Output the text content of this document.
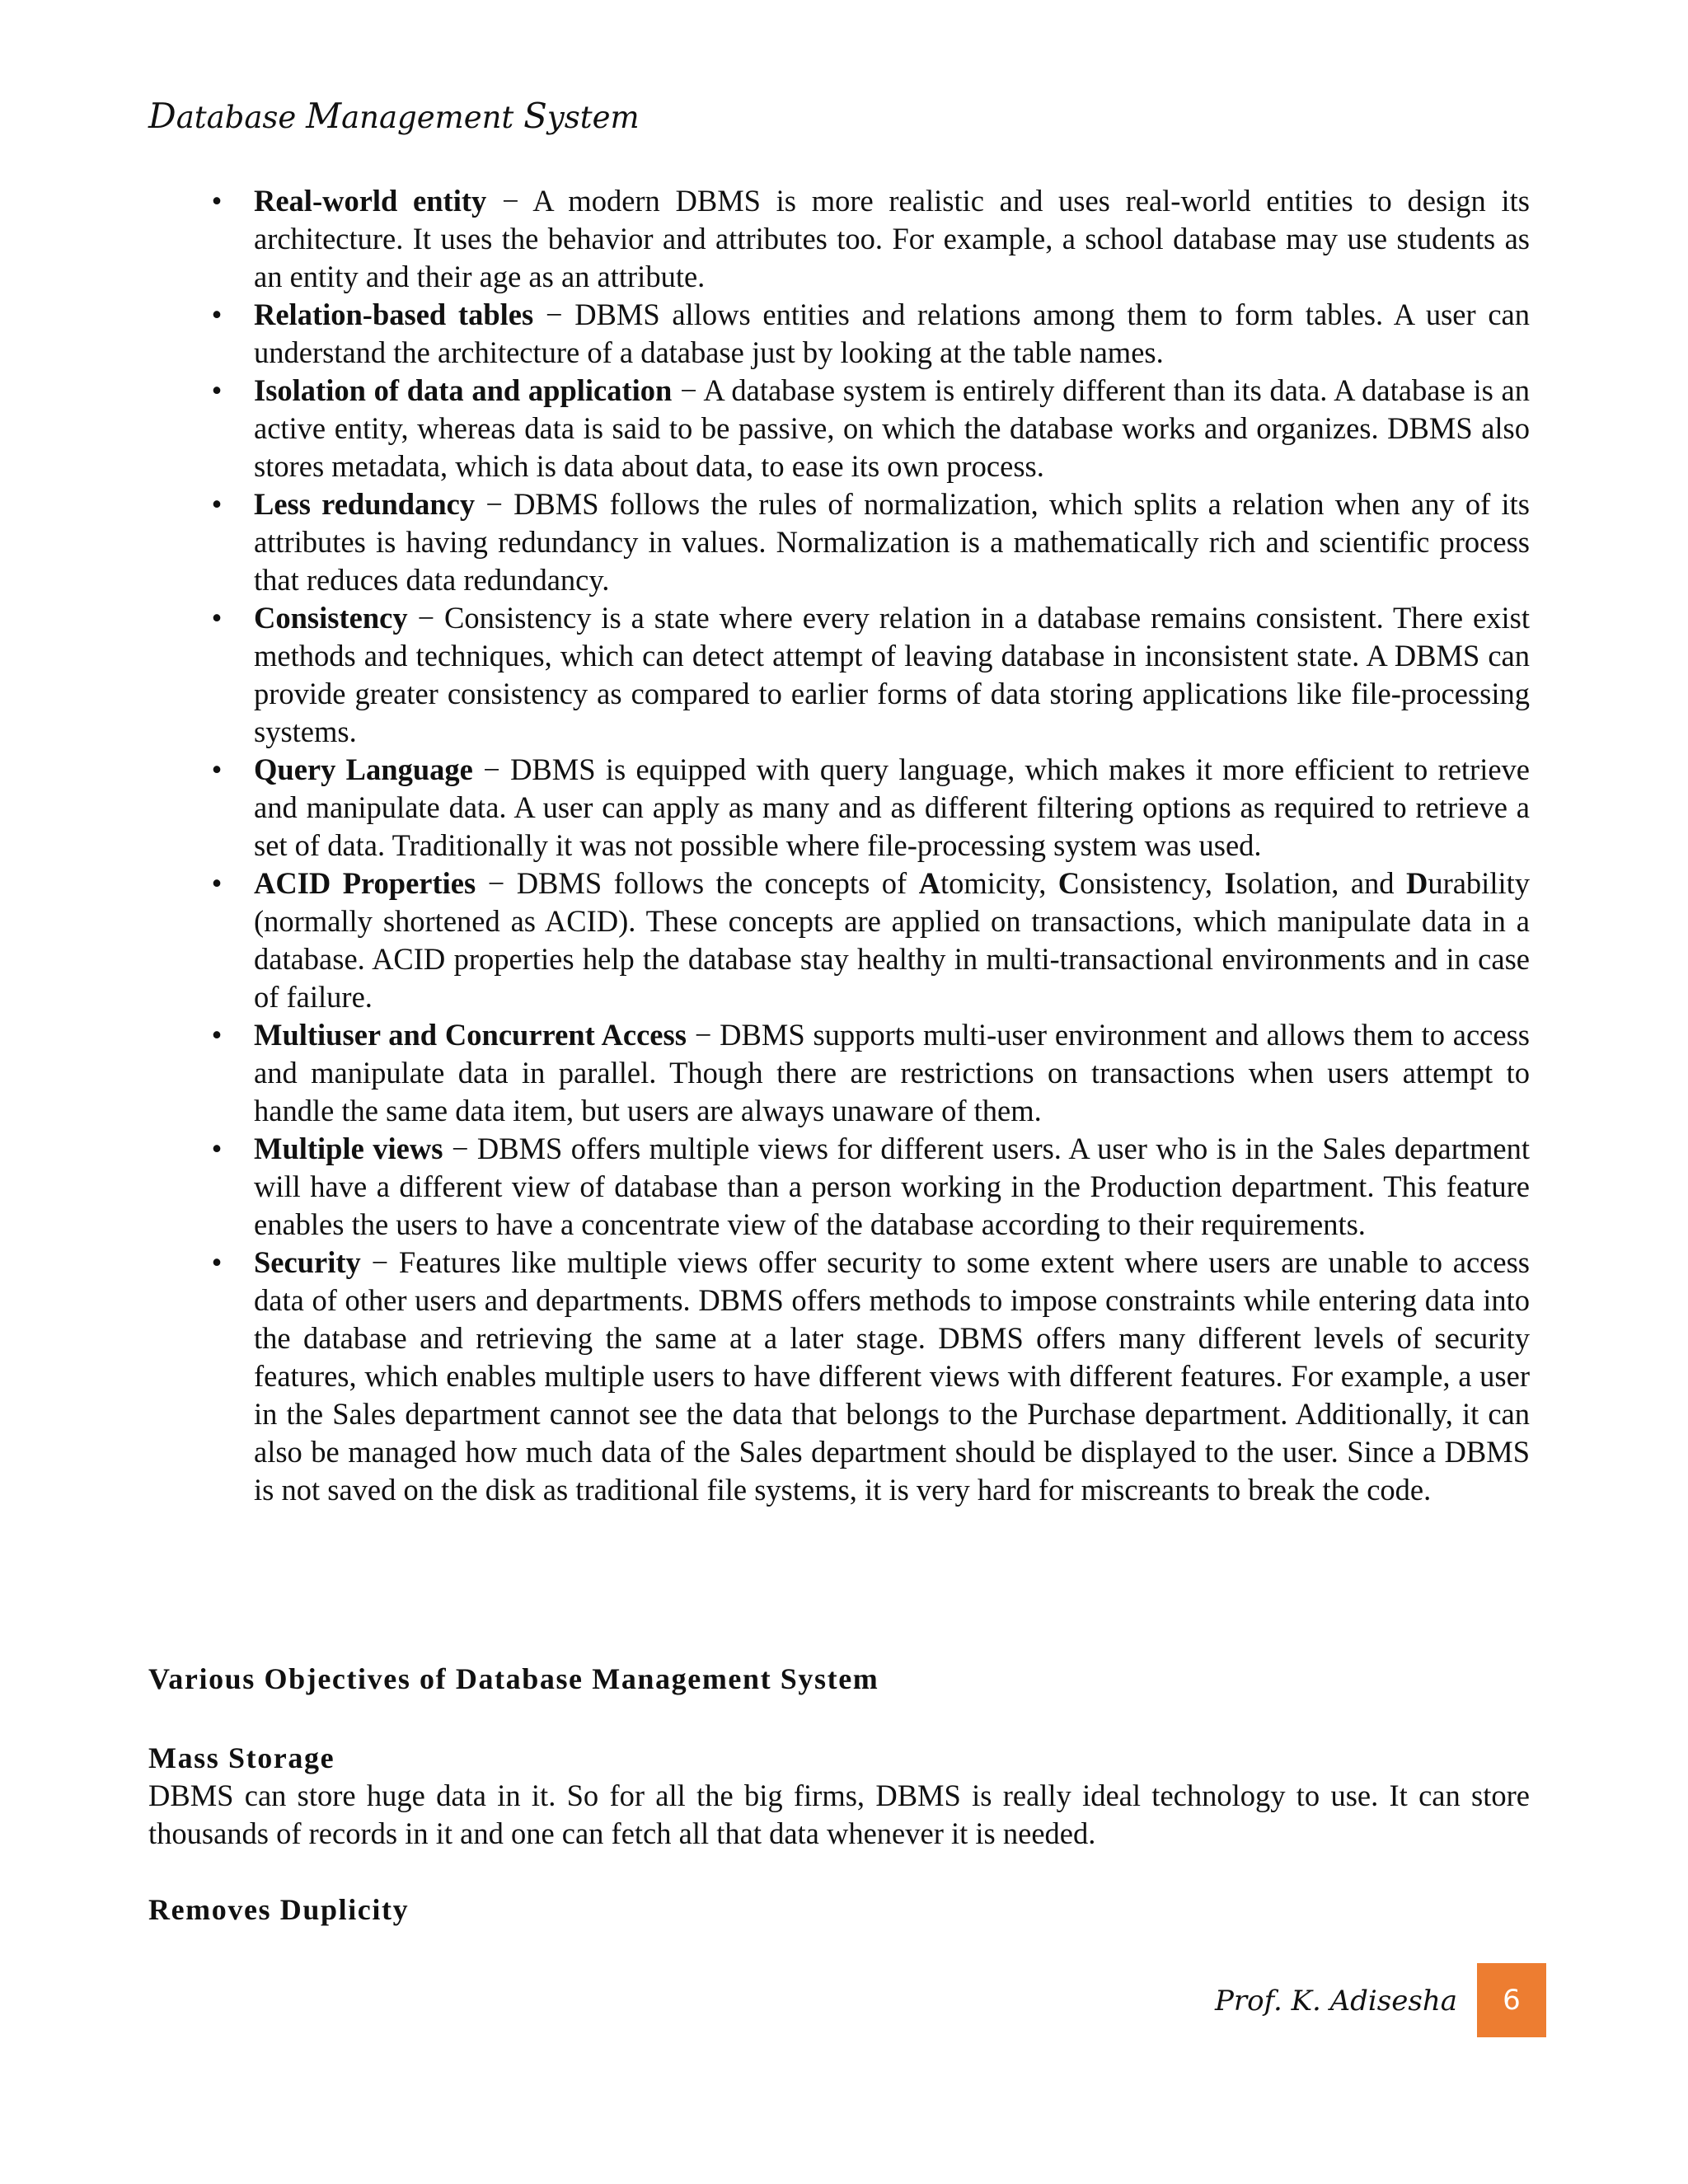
Database Management System
• Real-world entity − A modern DBMS is more realistic and uses real-world entities to design its architecture. It uses the behavior and attributes too. For example, a school database may use students as an entity and their age as an attribute.
• Relation-based tables − DBMS allows entities and relations among them to form tables. A user can understand the architecture of a database just by looking at the table names.
• Isolation of data and application − A database system is entirely different than its data. A database is an active entity, whereas data is said to be passive, on which the database works and organizes. DBMS also stores metadata, which is data about data, to ease its own process.
• Less redundancy − DBMS follows the rules of normalization, which splits a relation when any of its attributes is having redundancy in values. Normalization is a mathematically rich and scientific process that reduces data redundancy.
• Consistency − Consistency is a state where every relation in a database remains consistent. There exist methods and techniques, which can detect attempt of leaving database in inconsistent state. A DBMS can provide greater consistency as compared to earlier forms of data storing applications like file-processing systems.
• Query Language − DBMS is equipped with query language, which makes it more efficient to retrieve and manipulate data. A user can apply as many and as different filtering options as required to retrieve a set of data. Traditionally it was not possible where file-processing system was used.
• ACID Properties − DBMS follows the concepts of Atomicity, Consistency, Isolation, and Durability (normally shortened as ACID). These concepts are applied on transactions, which manipulate data in a database. ACID properties help the database stay healthy in multi-transactional environments and in case of failure.
• Multiuser and Concurrent Access − DBMS supports multi-user environment and allows them to access and manipulate data in parallel. Though there are restrictions on transactions when users attempt to handle the same data item, but users are always unaware of them.
• Multiple views − DBMS offers multiple views for different users. A user who is in the Sales department will have a different view of database than a person working in the Production department. This feature enables the users to have a concentrate view of the database according to their requirements.
• Security − Features like multiple views offer security to some extent where users are unable to access data of other users and departments. DBMS offers methods to impose constraints while entering data into the database and retrieving the same at a later stage. DBMS offers many different levels of security features, which enables multiple users to have different views with different features. For example, a user in the Sales department cannot see the data that belongs to the Purchase department. Additionally, it can also be managed how much data of the Sales department should be displayed to the user. Since a DBMS is not saved on the disk as traditional file systems, it is very hard for miscreants to break the code.

Various Objectives of Database Management System

Mass Storage

DBMS can store huge data in it. So for all the big firms, DBMS is really ideal technology to use. It can store thousands of records in it and one can fetch all that data whenever it is needed.

Removes Duplicity

Prof. K. Adisesha	6
